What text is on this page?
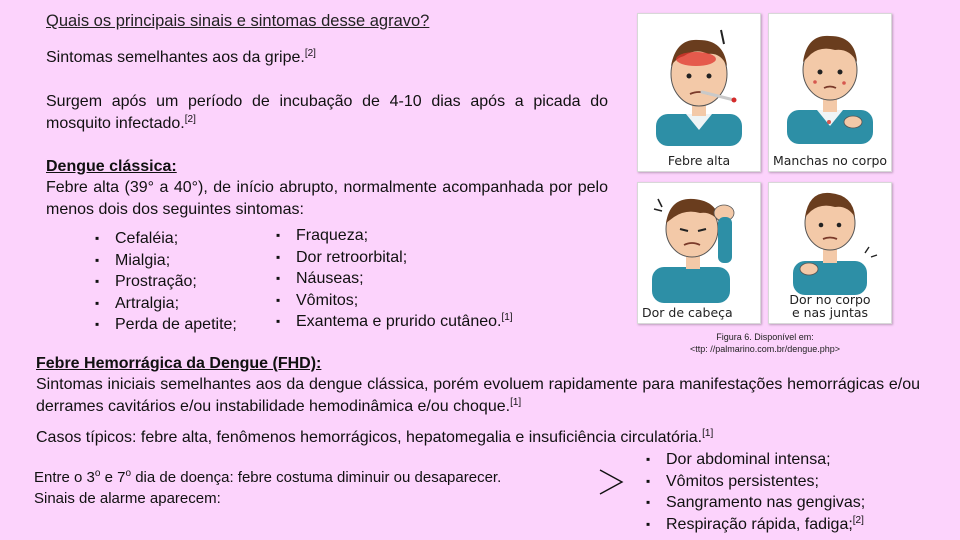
Quais os principais sinais e sintomas desse agravo?
Sintomas semelhantes aos da gripe.[2]
Surgem após um período de incubação de 4-10 dias após a picada do mosquito infectado.[2]
Dengue clássica:
Febre alta (39° a 40°), de início abrupto, normalmente acompanhada por pelo menos dois dos seguintes sintomas:
▪ Cefaléia;
▪ Mialgia;
▪ Prostração;
▪ Artralgia;
▪ Perda de apetite;
▪ Fraqueza;
▪ Dor retroorbital;
▪ Náuseas;
▪ Vômitos;
▪ Exantema e prurido cutâneo.[1]
Febre alta	Manchas no corpo
Dor de cabeça
Dor no corpo e nas juntas
Figura 6. Disponível em:
<ttp: //palmarino.com.br/dengue.php>
Febre Hemorrágica da Dengue (FHD):
Sintomas iniciais semelhantes aos da dengue clássica, porém evoluem rapidamente para manifestações hemorrágicas e/ou derrames cavitários e/ou instabilidade hemodinâmica e/ou choque.[1]
Casos típicos: febre alta, fenômenos hemorrágicos, hepatomegalia e insuficiência circulatória.[1]
Entre o 3$^o$ e 7$^o$ dia de doença: febre costuma diminuir ou desaparecer.
Sinais de alarme aparecem:
▪ Dor abdominal intensa;
▪ Vômitos persistentes;
▪ Sangramento nas gengivas;
▪ Respiração rápida, fadiga;[2]
